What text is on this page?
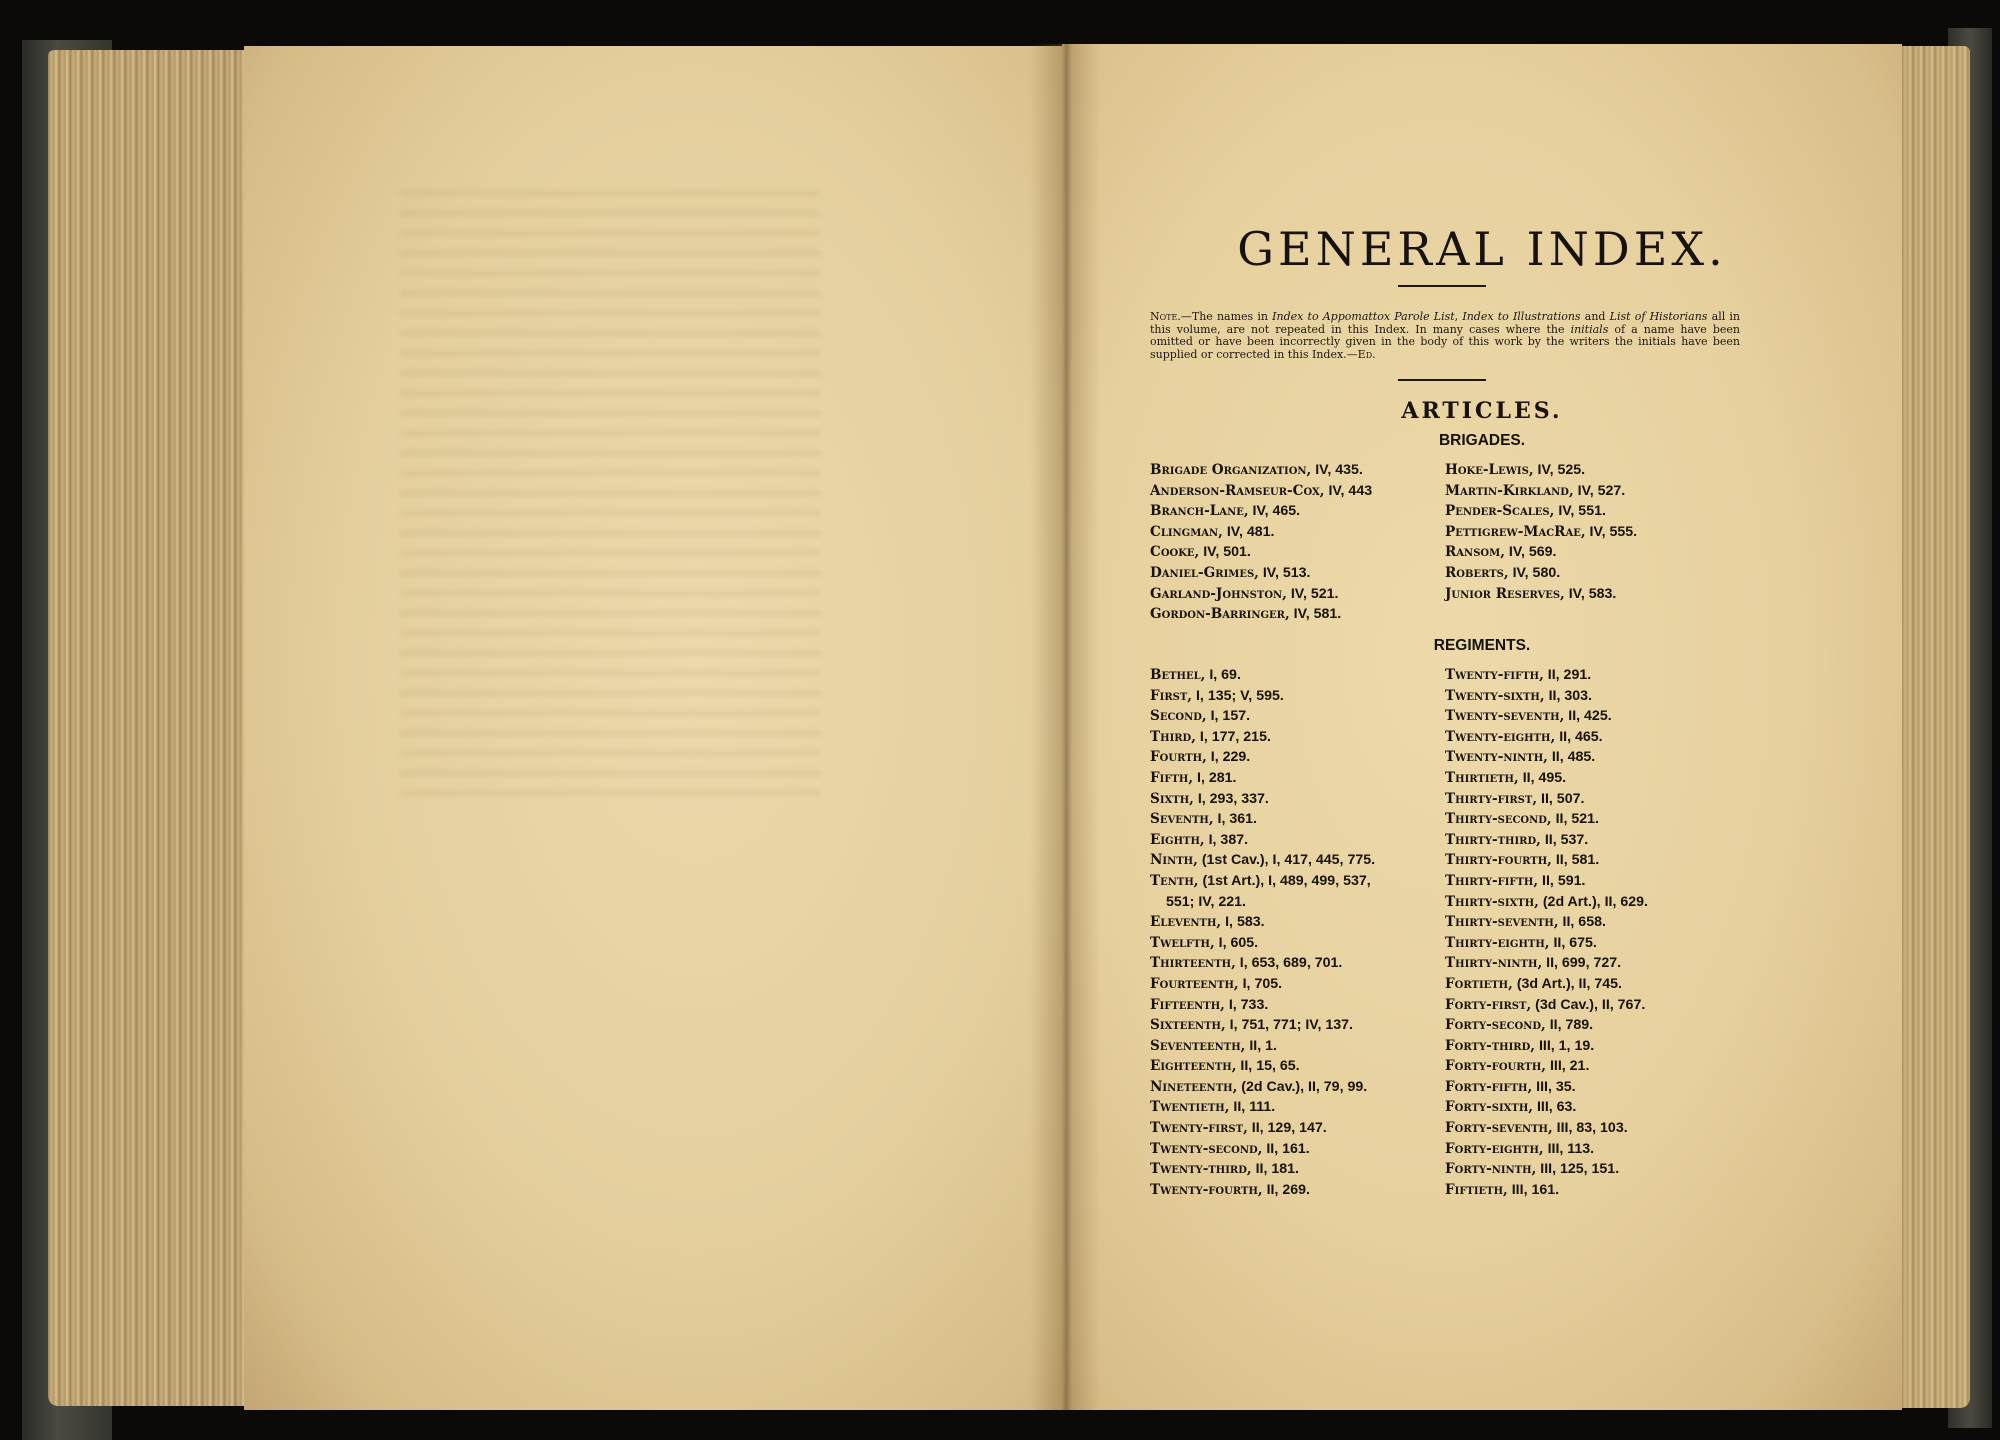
GENERAL INDEX.
Note.—The names in Index to Appomattox Parole List, Index to Illustrations and List of Historians all in this volume, are not repeated in this Index. In many cases where the initials of a name have been omitted or have been incorrectly given in the body of this work by the writers the initials have been supplied or corrected in this Index.—Ed.
ARTICLES.
BRIGADES.
Brigade Organization, IV, 435.
Anderson-Ramseur-Cox, IV, 443
Branch-Lane, IV, 465.
Clingman, IV, 481.
Cooke, IV, 501.
Daniel-Grimes, IV, 513.
Garland-Johnston, IV, 521.
Gordon-Barringer, IV, 581.
Hoke-Lewis, IV, 525.
Martin-Kirkland, IV, 527.
Pender-Scales, IV, 551.
Pettigrew-MacRae, IV, 555.
Ransom, IV, 569.
Roberts, IV, 580.
Junior Reserves, IV, 583.
REGIMENTS.
Bethel, I, 69.
First, I, 135; V, 595.
Second, I, 157.
Third, I, 177, 215.
Fourth, I, 229.
Fifth, I, 281.
Sixth, I, 293, 337.
Seventh, I, 361.
Eighth, I, 387.
Ninth, (1st Cav.), I, 417, 445, 775.
Tenth, (1st Art.), I, 489, 499, 537,
551; IV, 221.
Eleventh, I, 583.
Twelfth, I, 605.
Thirteenth, I, 653, 689, 701.
Fourteenth, I, 705.
Fifteenth, I, 733.
Sixteenth, I, 751, 771; IV, 137.
Seventeenth, II, 1.
Eighteenth, II, 15, 65.
Nineteenth, (2d Cav.), II, 79, 99.
Twentieth, II, 111.
Twenty-first, II, 129, 147.
Twenty-second, II, 161.
Twenty-third, II, 181.
Twenty-fourth, II, 269.
Twenty-fifth, II, 291.
Twenty-sixth, II, 303.
Twenty-seventh, II, 425.
Twenty-eighth, II, 465.
Twenty-ninth, II, 485.
Thirtieth, II, 495.
Thirty-first, II, 507.
Thirty-second, II, 521.
Thirty-third, II, 537.
Thirty-fourth, II, 581.
Thirty-fifth, II, 591.
Thirty-sixth, (2d Art.), II, 629.
Thirty-seventh, II, 658.
Thirty-eighth, II, 675.
Thirty-ninth, II, 699, 727.
Fortieth, (3d Art.), II, 745.
Forty-first, (3d Cav.), II, 767.
Forty-second, II, 789.
Forty-third, III, 1, 19.
Forty-fourth, III, 21.
Forty-fifth, III, 35.
Forty-sixth, III, 63.
Forty-seventh, III, 83, 103.
Forty-eighth, III, 113.
Forty-ninth, III, 125, 151.
Fiftieth, III, 161.
